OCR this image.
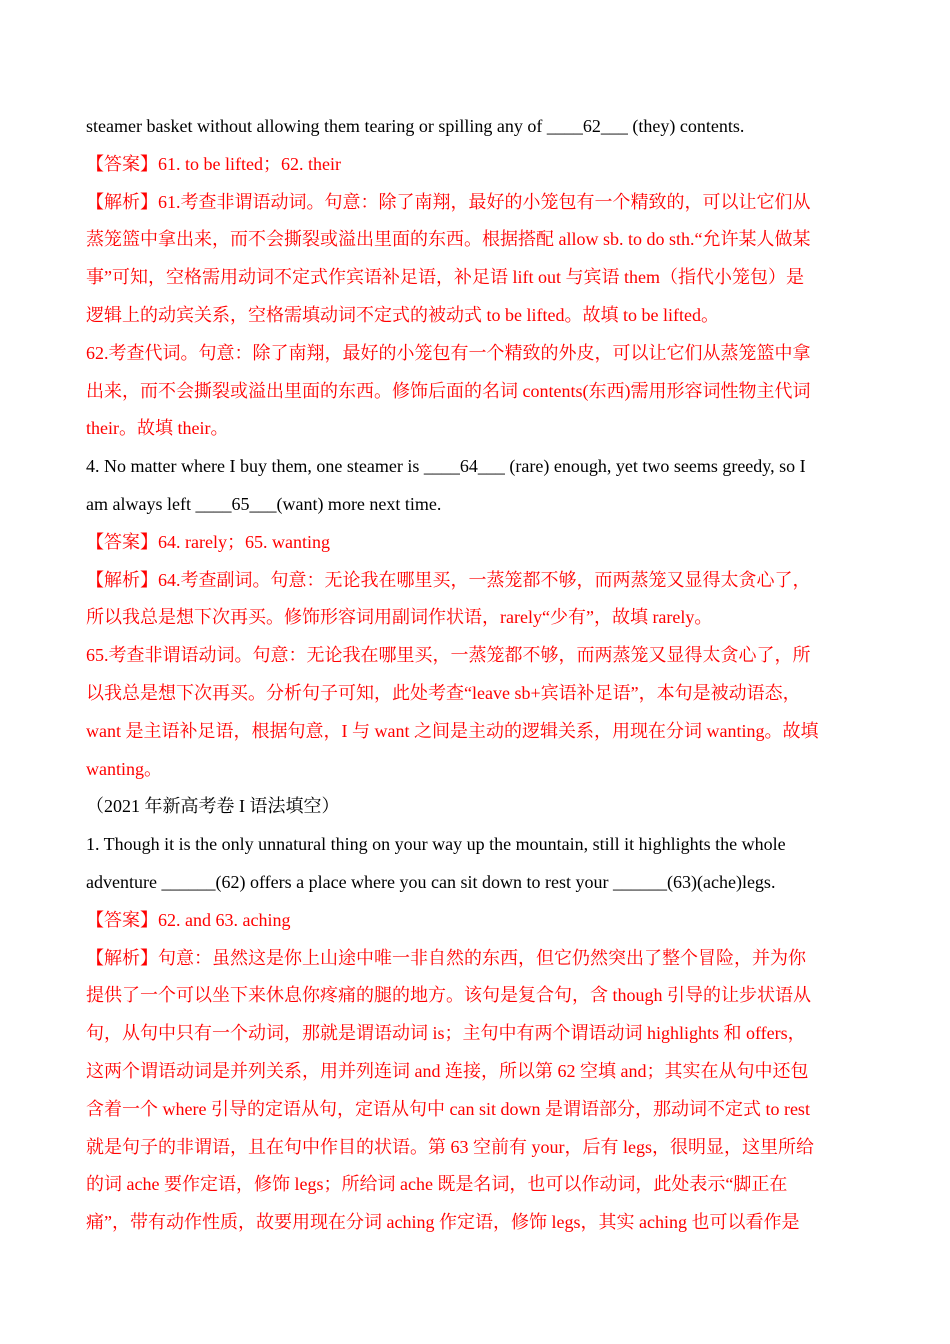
steamer basket without allowing them tearing or spilling any of ____62___ (they) contents.
【答案】61. to be lifted；62. their
【解析】61.考查非谓语动词。句意：除了南翔，最好的小笼包有一个精致的，可以让它们从
蒸笼篮中拿出来，而不会撕裂或溢出里面的东西。根据搭配 allow sb. to do sth.“允许某人做某
事”可知，空格需用动词不定式作宾语补足语，补足语 lift out 与宾语 them（指代小笼包）是
逻辑上的动宾关系，空格需填动词不定式的被动式 to be lifted。故填 to be lifted。
62.考查代词。句意：除了南翔，最好的小笼包有一个精致的外皮，可以让它们从蒸笼篮中拿
出来，而不会撕裂或溢出里面的东西。修饰后面的名词 contents(东西)需用形容词性物主代词
their。故填 their。
4. No matter where I buy them, one steamer is ____64___ (rare) enough, yet two seems greedy, so I
am always left ____65___(want) more next time.
【答案】64. rarely；65. wanting
【解析】64.考查副词。句意：无论我在哪里买，一蒸笼都不够，而两蒸笼又显得太贪心了，
所以我总是想下次再买。修饰形容词用副词作状语，rarely“少有”，故填 rarely。
65.考查非谓语动词。句意：无论我在哪里买，一蒸笼都不够，而两蒸笼又显得太贪心了，所
以我总是想下次再买。分析句子可知，此处考查“leave sb+宾语补足语”，本句是被动语态，
want 是主语补足语，根据句意，I 与 want 之间是主动的逻辑关系，用现在分词 wanting。故填
wanting。
（2021 年新高考卷 I 语法填空）
1. Though it is the only unnatural thing on your way up the mountain, still it highlights the whole
adventure ______(62) offers a place where you can sit down to rest your ______(63)(ache)legs.
【答案】62. and 63. aching
【解析】句意：虽然这是你上山途中唯一非自然的东西，但它仍然突出了整个冒险，并为你
提供了一个可以坐下来休息你疼痛的腿的地方。该句是复合句，含 though 引导的让步状语从
句，从句中只有一个动词，那就是谓语动词 is；主句中有两个谓语动词 highlights 和 offers，
这两个谓语动词是并列关系，用并列连词 and 连接，所以第 62 空填 and；其实在从句中还包
含着一个 where 引导的定语从句，定语从句中 can sit down 是谓语部分，那动词不定式 to rest
就是句子的非谓语，且在句中作目的状语。第 63 空前有 your，后有 legs，很明显，这里所给
的词 ache 要作定语，修饰 legs；所给词 ache 既是名词，也可以作动词，此处表示“脚正在
痛”，带有动作性质，故要用现在分词 aching 作定语，修饰 legs，其实 aching 也可以看作是
